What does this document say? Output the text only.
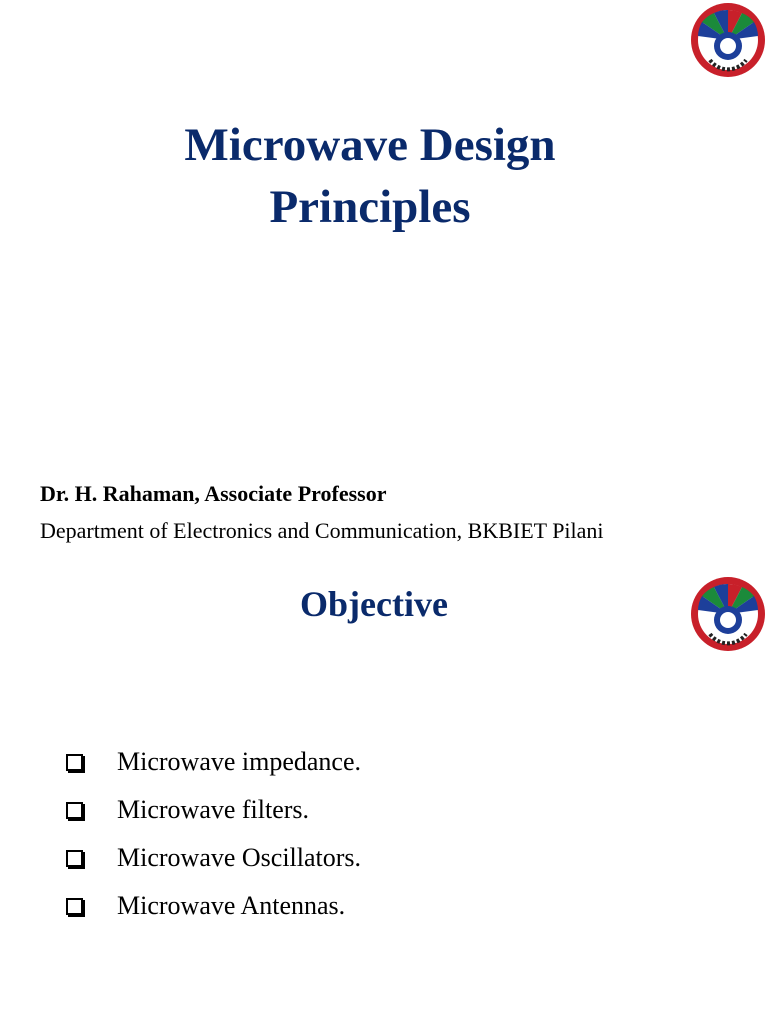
Microwave Design
Principles
Dr. H. Rahaman, Associate Professor
Department of Electronics and Communication, BKBIET Pilani
Objective
Microwave impedance.
Microwave filters.
Microwave Oscillators.
Microwave Antennas.
